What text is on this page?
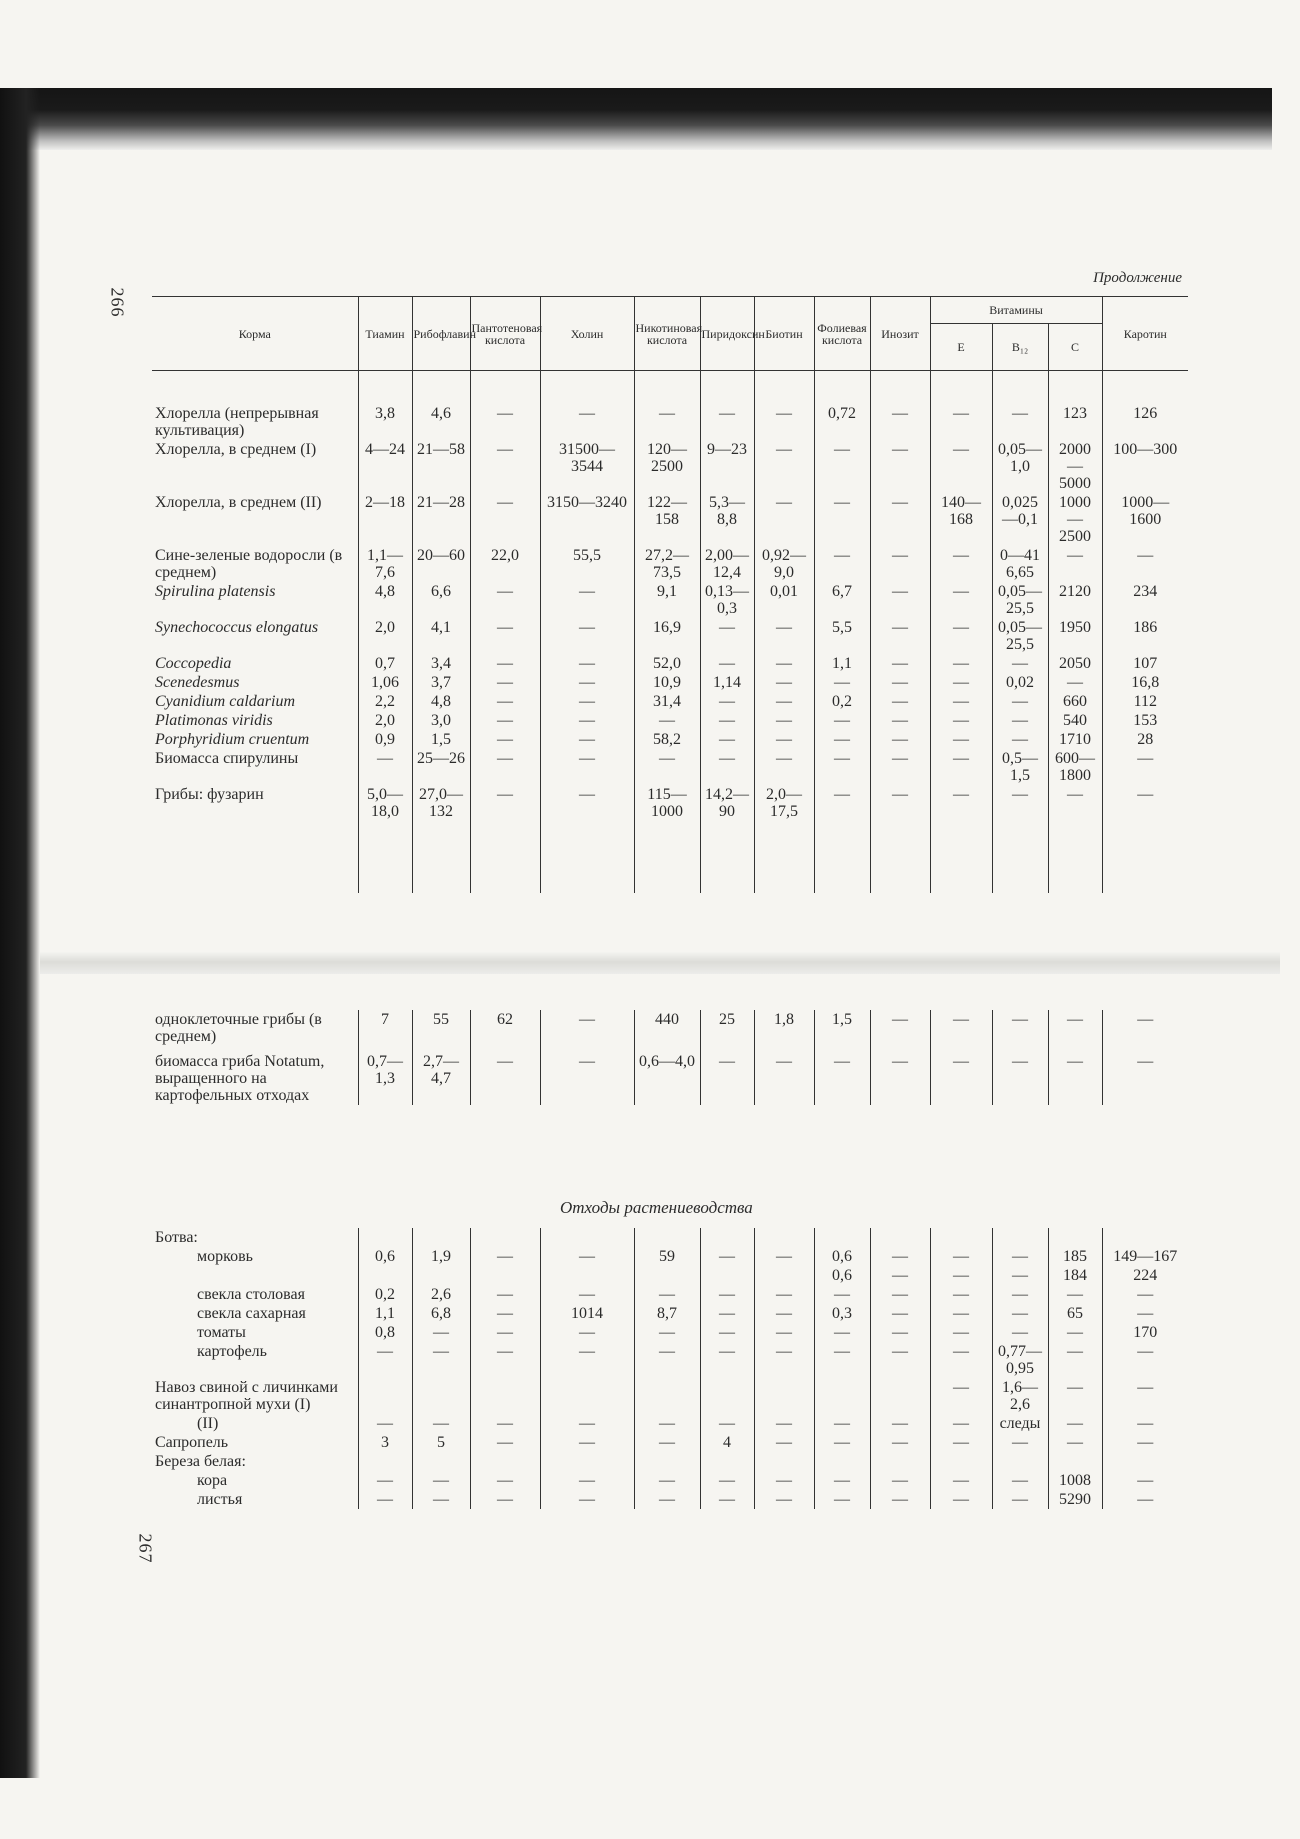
266
267
Продолжение
Корма	Тиамин	Рибофлавин	Пантотеновая кислота	Холин	Никотиновая кислота	Пиридоксин	Биотин	Фолиевая кислота	Инозит	Витамины			Каротин
										E	B₁₂	C	
Хлорелла (непрерывная культивация)	3,8	4,6	—	—	—	—	—	0,72	—	—	—	123	126
Хлорелла, в среднем (I)	4—24	21—58	—	31500—3544	120—2500	9—23	—	—	—	—	0,05—1,0	2000—5000	100—300
Хлорелла, в среднем (II)	2—18	21—28	—	3150—3240	122—158	5,3—8,8	—	—	—	140—168	0,025—0,1	1000—2500	1000—1600
Сине-зеленые водоросли (в среднем)	1,1—7,6	20—60	22,0	55,5	27,2—73,5	2,00—12,4	0,92—9,0	—	—	—	0—41 6,65	—	—
Spirulina platensis	4,8	6,6	—	—	9,1	0,13—0,3	0,01	6,7	—	—	0,05—25,5	2120	234
Synechococcus elongatus	2,0	4,1	—	—	16,9	—	—	5,5	—	—	0,05—25,5	1950	186
Coccopedia	0,7	3,4	—	—	52,0	—	—	1,1	—	—	—	2050	107
Scenedesmus	1,06	3,7	—	—	10,9	1,14	—	—	—	—	0,02	—	16,8
Cyanidium caldarium	2,2	4,8	—	—	31,4	—	—	0,2	—	—	—	660	112
Platimonas viridis	2,0	3,0	—	—	—	—	—	—	—	—	—	540	153
Porphyridium cruentum	0,9	1,5	—	—	58,2	—	—	—	—	—	—	1710	28
Биомасса спирулины	—	25—26	—	—	—	—	—	—	—	—	0,5—1,5	600—1800	—
Грибы: фузарин	5,0—18,0	27,0—132	—	—	115—1000	14,2—90	2,0—17,5	—	—	—	—	—	—

одноклеточные грибы (в среднем)	7	55	62	—	440	25	1,8	1,5	—	—	—	—	—
биомасса гриба Notatum, выращенного на картофельных отходах	0,7—1,3	2,7—4,7	—	—	0,6—4,0	—	—	—	—	—	—	—	—
Отходы растениеводства
Ботва:													
морковь	0,6	1,9	—	—	59	—	—	0,6	—	—	—	185	149—167
								0,6	—	—	—	184	224
свекла столовая	0,2	2,6	—	—	—	—	—	—	—	—	—	—	—
свекла сахарная	1,1	6,8	—	1014	8,7	—	—	0,3	—	—	—	65	—
томаты	0,8	—	—	—	—	—	—	—	—	—	—	—	170
картофель	—	—	—	—	—	—	—	—	—	—	0,77—0,95	—	—
Навоз свиной с личинками синантропной мухи (I)										—	1,6—2,6	—	—
(II)	—	—	—	—	—	—	—	—	—	—	следы	—	—
Сапропель	3	5	—	—	—	4	—	—	—	—	—	—	—
Береза белая:													
кора	—	—	—	—	—	—	—	—	—	—	—	1008	—
листья	—	—	—	—	—	—	—	—	—	—	—	5290	—
